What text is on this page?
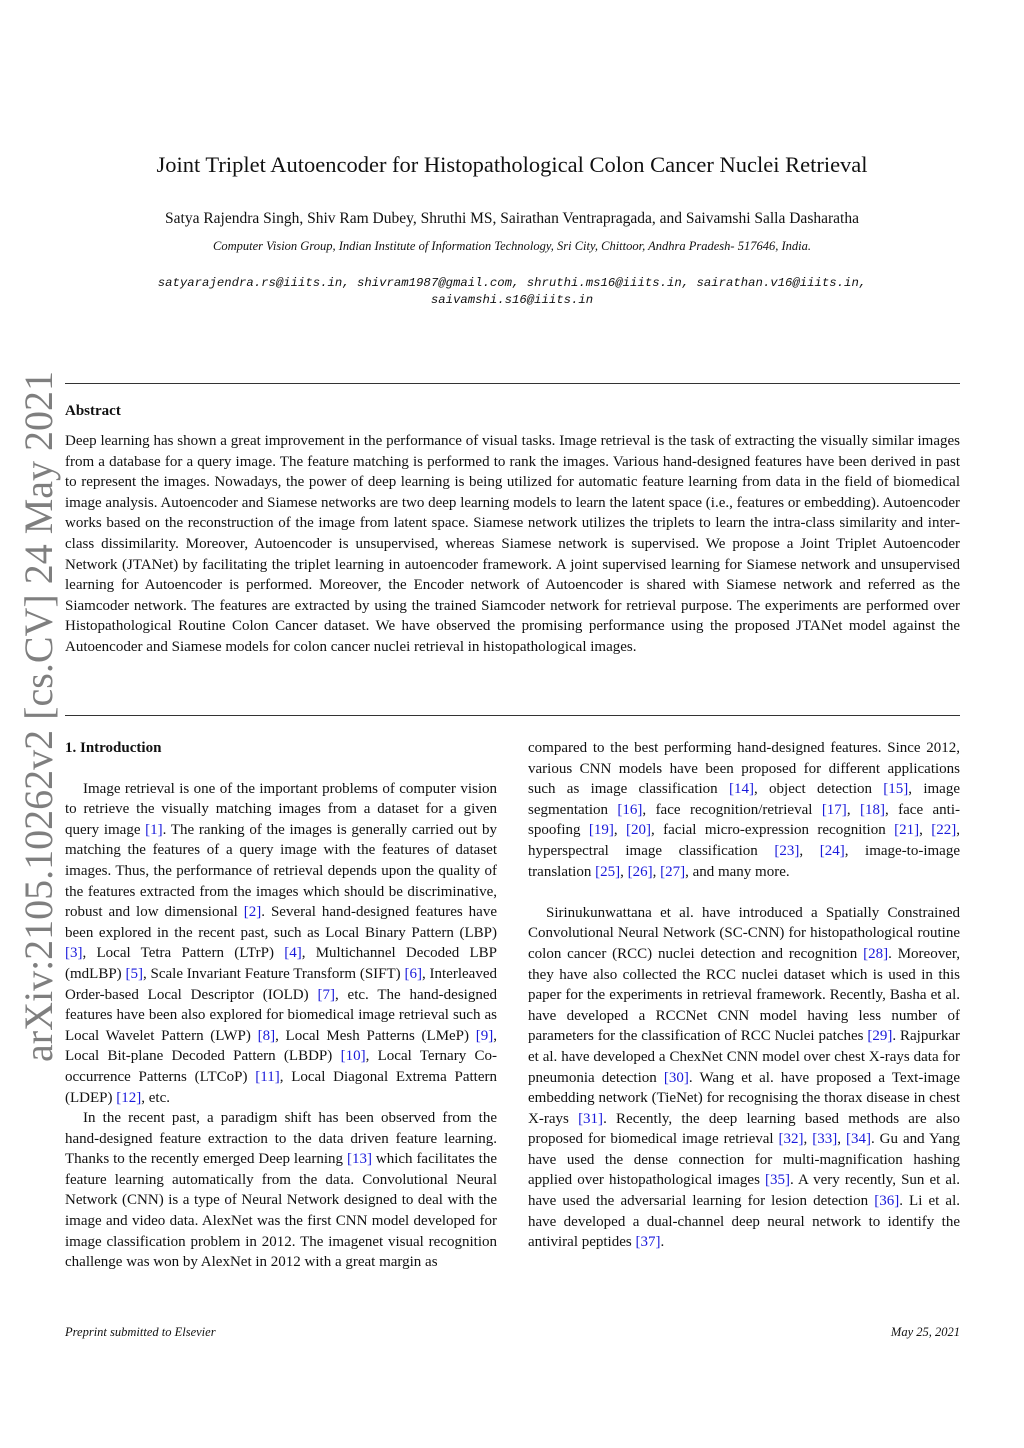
arXiv:2105.10262v2 [cs.CV] 24 May 2021
Joint Triplet Autoencoder for Histopathological Colon Cancer Nuclei Retrieval
Satya Rajendra Singh, Shiv Ram Dubey, Shruthi MS, Sairathan Ventrapragada, and Saivamshi Salla Dasharatha
Computer Vision Group, Indian Institute of Information Technology, Sri City, Chittoor, Andhra Pradesh- 517646, India.
satyarajendra.rs@iiits.in, shivram1987@gmail.com, shruthi.ms16@iiits.in, sairathan.v16@iiits.in,
saivamshi.s16@iiits.in
Abstract
Deep learning has shown a great improvement in the performance of visual tasks. Image retrieval is the task of extracting the visually similar images from a database for a query image. The feature matching is performed to rank the images. Various hand-designed features have been derived in past to represent the images. Nowadays, the power of deep learning is being utilized for automatic feature learning from data in the field of biomedical image analysis. Autoencoder and Siamese networks are two deep learning models to learn the latent space (i.e., features or embedding). Autoencoder works based on the reconstruction of the image from latent space. Siamese network utilizes the triplets to learn the intra-class similarity and inter-class dissimilarity. Moreover, Autoencoder is unsupervised, whereas Siamese network is supervised. We propose a Joint Triplet Autoencoder Network (JTANet) by facilitating the triplet learning in autoencoder framework. A joint supervised learning for Siamese network and unsupervised learning for Autoencoder is performed. Moreover, the Encoder network of Autoencoder is shared with Siamese network and referred as the Siamcoder network. The features are extracted by using the trained Siamcoder network for retrieval purpose. The experiments are performed over Histopathological Routine Colon Cancer dataset. We have observed the promising performance using the proposed JTANet model against the Autoencoder and Siamese models for colon cancer nuclei retrieval in histopathological images.
1. Introduction

Image retrieval is one of the important problems of computer vision to retrieve the visually matching images from a dataset for a given query image [1]. The ranking of the images is generally carried out by matching the features of a query image with the features of dataset images. Thus, the performance of retrieval depends upon the quality of the features extracted from the images which should be discriminative, robust and low dimensional [2]. Several hand-designed features have been explored in the recent past, such as Local Binary Pattern (LBP) [3], Local Tetra Pattern (LTrP) [4], Multichannel Decoded LBP (mdLBP) [5], Scale Invariant Feature Transform (SIFT) [6], Interleaved Order-based Local Descriptor (IOLD) [7], etc. The hand-designed features have been also explored for biomedical image retrieval such as Local Wavelet Pattern (LWP) [8], Local Mesh Patterns (LMeP) [9], Local Bit-plane Decoded Pattern (LBDP) [10], Local Ternary Co-occurrence Patterns (LTCoP) [11], Local Diagonal Extrema Pattern (LDEP) [12], etc.

In the recent past, a paradigm shift has been observed from the hand-designed feature extraction to the data driven feature learning. Thanks to the recently emerged Deep learning [13] which facilitates the feature learning automatically from the data. Convolutional Neural Network (CNN) is a type of Neural Network designed to deal with the image and video data. AlexNet was the first CNN model developed for image classification problem in 2012. The imagenet visual recognition challenge was won by AlexNet in 2012 with a great margin as

compared to the best performing hand-designed features. Since 2012, various CNN models have been proposed for different applications such as image classification [14], object detection [15], image segmentation [16], face recognition/retrieval [17], [18], face anti-spoofing [19], [20], facial micro-expression recognition [21], [22], hyperspectral image classification [23], [24], image-to-image translation [25], [26], [27], and many more.

Sirinukunwattana et al. have introduced a Spatially Constrained Convolutional Neural Network (SC-CNN) for histopathological routine colon cancer (RCC) nuclei detection and recognition [28]. Moreover, they have also collected the RCC nuclei dataset which is used in this paper for the experiments in retrieval framework. Recently, Basha et al. have developed a RCCNet CNN model having less number of parameters for the classification of RCC Nuclei patches [29]. Rajpurkar et al. have developed a ChexNet CNN model over chest X-rays data for pneumonia detection [30]. Wang et al. have proposed a Text-image embedding network (TieNet) for recognising the thorax disease in chest X-rays [31]. Recently, the deep learning based methods are also proposed for biomedical image retrieval [32], [33], [34]. Gu and Yang have used the dense connection for multi-magnification hashing applied over histopathological images [35]. A very recently, Sun et al. have used the adversarial learning for lesion detection [36]. Li et al. have developed a dual-channel deep neural network to identify the antiviral peptides [37].

Preprint submitted to Elsevier	May 25, 2021
